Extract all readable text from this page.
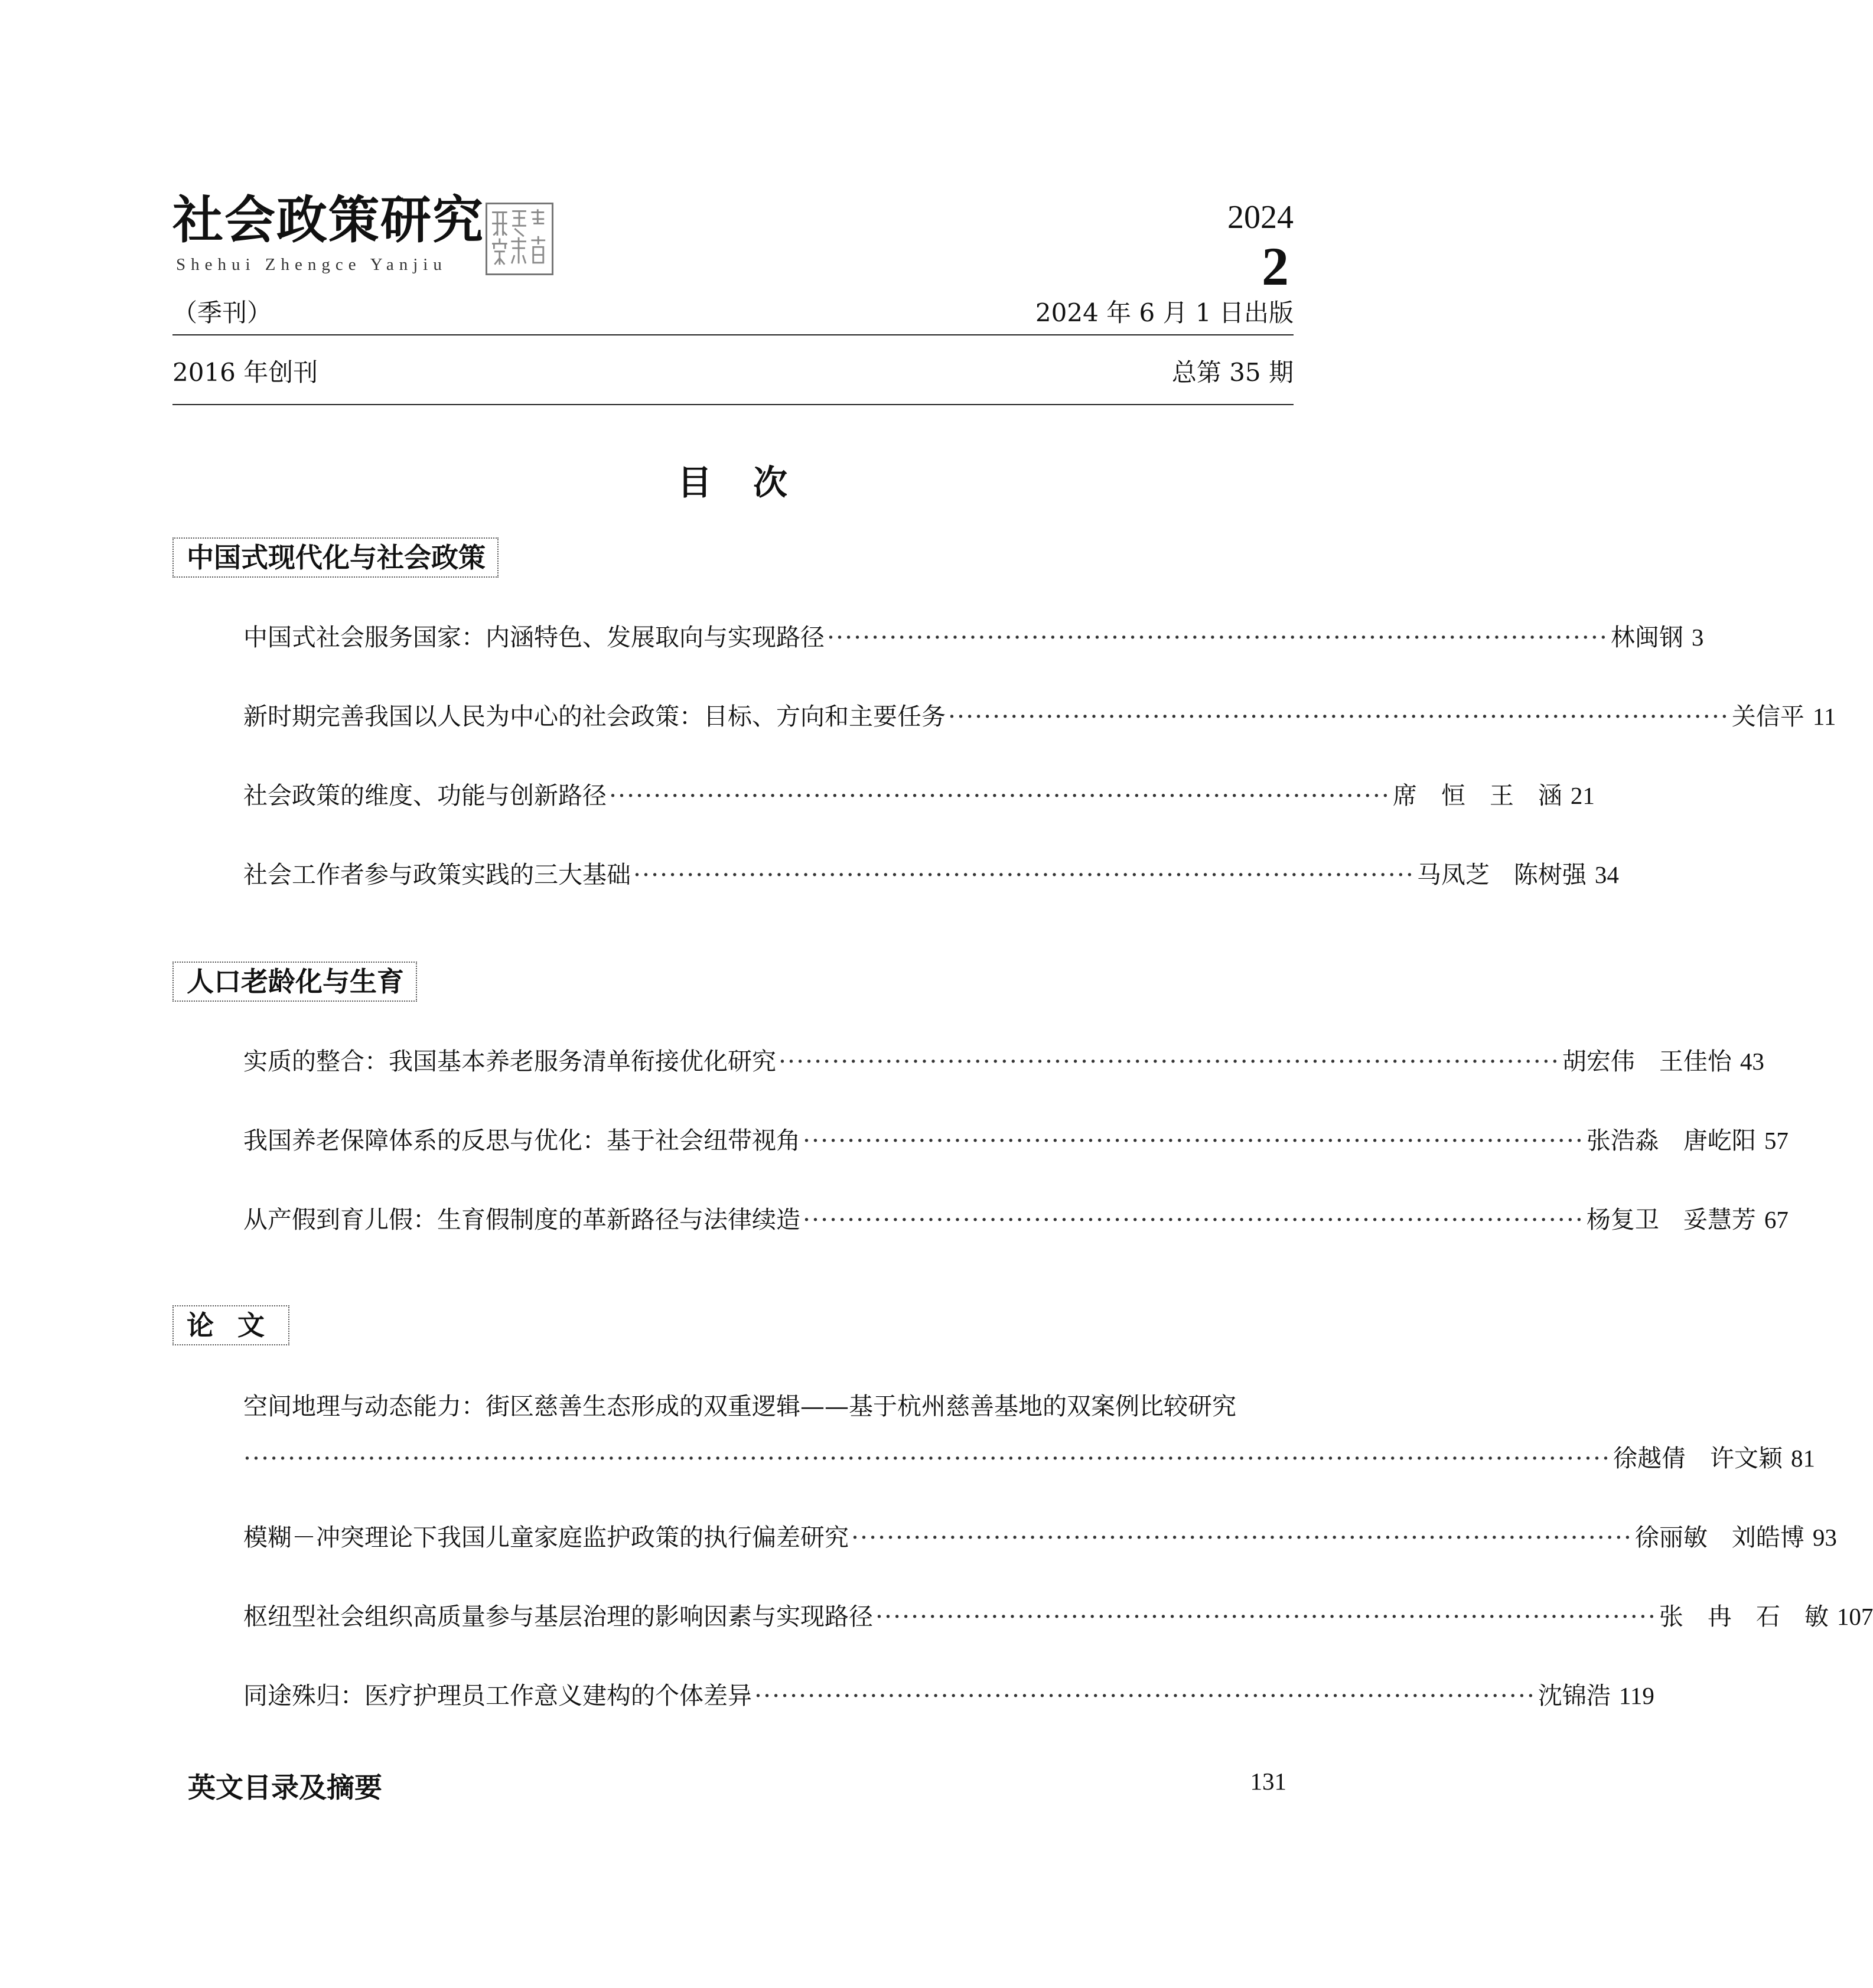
社会政策研究
Shehui Zhengce Yanjiu
（季刊）
2024
2
2024 年 6 月 1 日出版
2016 年创刊	总第 35 期
目次
中国式现代化与社会政策
中国式社会服务国家：内涵特色、发展取向与实现路径 ························································································ 林闽钢 3
新时期完善我国以人民为中心的社会政策：目标、方向和主要任务 ························································································ 关信平 11
社会政策的维度、功能与创新路径 ························································································ 席　恒　王　涵 21
社会工作者参与政策实践的三大基础 ························································································ 马凤芝　陈树强 34
人口老龄化与生育
实质的整合：我国基本养老服务清单衔接优化研究 ························································································ 胡宏伟　王佳怡 43
我国养老保障体系的反思与优化：基于社会纽带视角 ························································································ 张浩淼　唐屹阳 57
从产假到育儿假：生育假制度的革新路径与法律续造 ························································································ 杨复卫　妥慧芳 67
论文
空间地理与动态能力：街区慈善生态形成的双重逻辑——基于杭州慈善基地的双案例比较研究
·························································································································································· 徐越倩　许文颖 81
模糊－冲突理论下我国儿童家庭监护政策的执行偏差研究 ························································································ 徐丽敏　刘皓博 93
枢纽型社会组织高质量参与基层治理的影响因素与实现路径 ························································································ 张　冉　石　敏 107
同途殊归：医疗护理员工作意义建构的个体差异 ························································································ 沈锦浩 119
英文目录及摘要	131
